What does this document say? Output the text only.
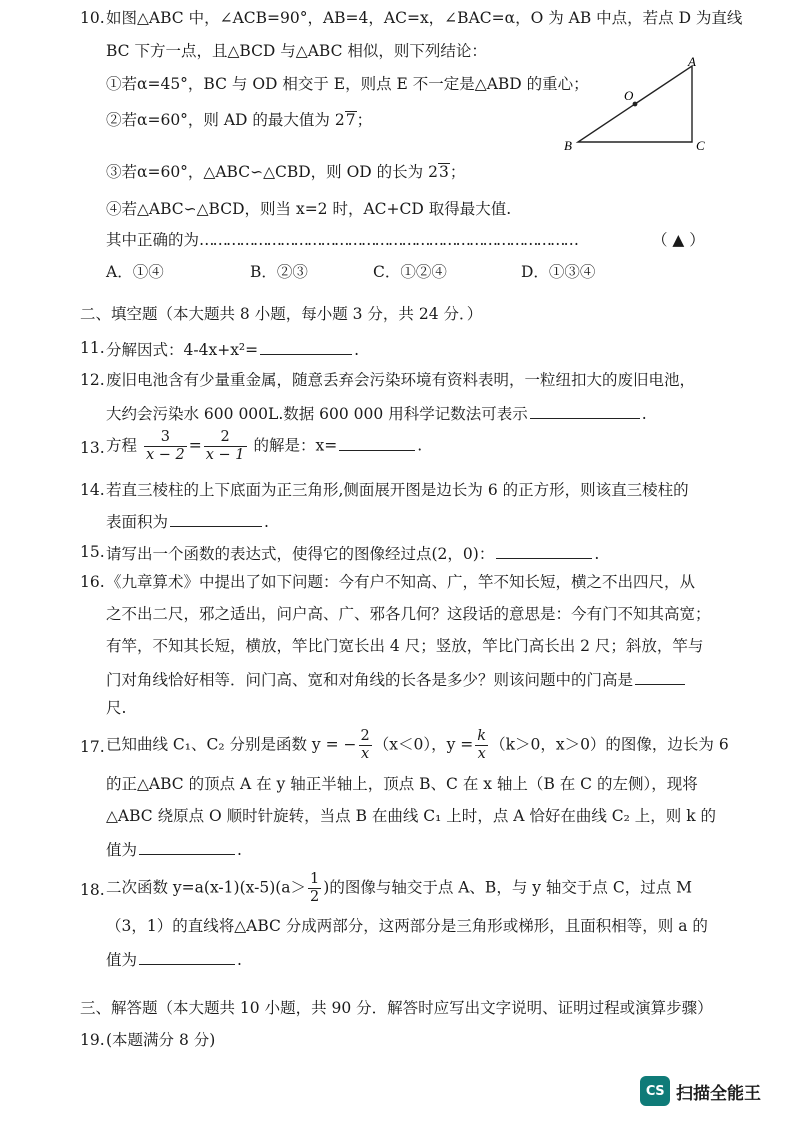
10. 如图△ABC 中，∠ACB=90°，AB=4，AC=x，∠BAC=α，O 为 AB 中点，若点 D 为直线
BC 下方一点，且△BCD 与△ABC 相似，则下列结论：
①若α=45°，BC 与 OD 相交于 E，则点 E 不一定是△ABD 的重心；
②若α=60°，则 AD 的最大值为 27；
③若α=60°，△ABC∽△CBD，则 OD 的长为 23；
④若△ABC∽△BCD，则当 x=2 时，AC+CD 取得最大值.
其中正确的为…………………………………………………………………………	（ ▲ ）
A．①④	B．②③	C．①②④	D．①③④
A
O
B	C
二、填空题（本大题共 8 小题，每小题 3 分，共 24 分．）
11. 分解因式：4-4x+x²=	.
12. 废旧电池含有少量重金属，随意丢弃会污染环境有资料表明，一粒纽扣大的废旧电池，
大约会污染水 600 000L.数据 600 000 用科学记数法可表示	.
13. 方程 $\frac{3}{x - 2} = \frac{2}{x - 1}$ 的解是：x=	.
14. 若直三棱柱的上下底面为正三角形,侧面展开图是边长为 6 的正方形，则该直三棱柱的
表面积为	.
15. 请写出一个函数的表达式，使得它的图像经过点(2，0)：	.
16. 《九章算术》中提出了如下问题：今有户不知高、广，竿不知长短，横之不出四尺，从
之不出二尺，邪之适出，问户高、广、邪各几何？这段话的意思是：今有门不知其高宽；
有竿，不知其长短，横放，竿比门宽长出 4 尺；竖放，竿比门高长出 2 尺；斜放，竿与
门对角线恰好相等．问门高、宽和对角线的长各是多少？则该问题中的门高是
尺.
17. 已知曲线 C₁、C₂ 分别是函数 y = − $\frac{2}{x} (x<0)$，$y = \frac{k}{x} (k>0$，x＞0）的图像，边长为 6
的正△ABC 的顶点 A 在 y 轴正半轴上，顶点 B、C 在 x 轴上（B 在 C 的左侧），现将
△ABC 绕原点 O 顺时针旋转，当点 B 在曲线 C₁ 上时，点 A 恰好在曲线 C₂ 上，则 k 的
值为	.
18. 二次函数 $y=a(x-1)(x-5)(a> \frac{1}{2}$ )的图像与轴交于点 A、B，与 y 轴交于点 C，过点 M
（3，1）的直线将△ABC 分成两部分，这两部分是三角形或梯形，且面积相等，则 a 的
值为	.
三、解答题（本大题共 10 小题，共 90 分．解答时应写出文字说明、证明过程或演算步骤）
19. (本题满分 8 分)
CS 扫描全能王
